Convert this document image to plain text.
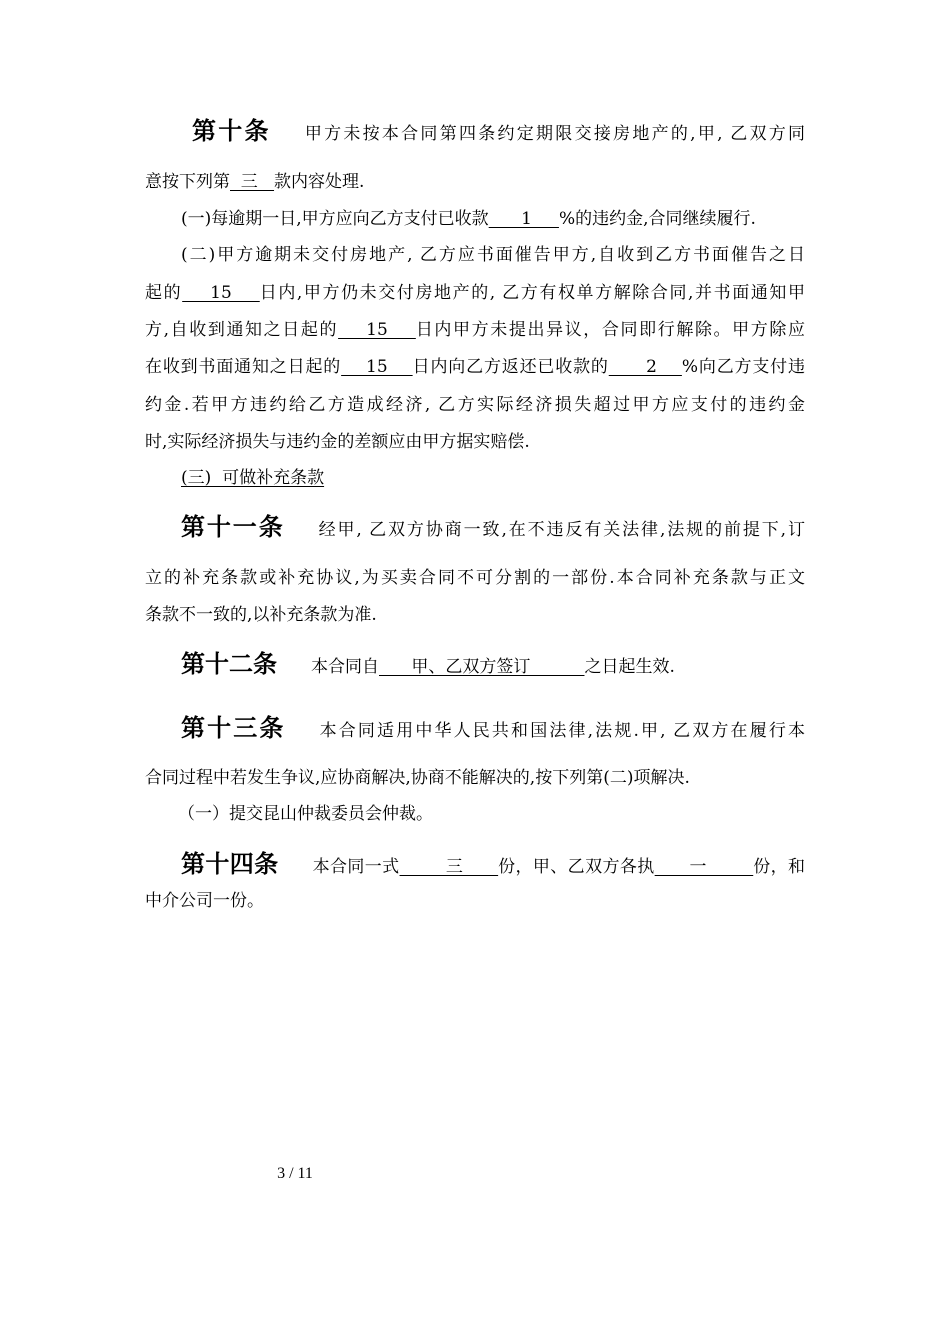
第十条 甲方未按本合同第四条约定期限交接房地产的,甲, 乙双方同
意按下列第  三   款内容处理.
(一)每逾期一日,甲方应向乙方支付已收款      1     %的违约金,合同继续履行.
(二)甲方逾期未交付房地产, 乙方应书面催告甲方,自收到乙方书面催告之日
起的    15    日内,甲方仍未交付房地产的, 乙方有权单方解除合同,并书面通知甲
方,自收到通知之日起的    15    日内甲方未提出异议，合同即行解除。甲方除应
在收到书面通知之日起的    15    日内向乙方返还已收款的      2    %向乙方支付违
约金.若甲方违约给乙方造成经济, 乙方实际经济损失超过甲方应支付的违约金
时,实际经济损失与违约金的差额应由甲方据实赔偿.
(三)  可做补充条款
第十一条 经甲, 乙双方协商一致,在不违反有关法律,法规的前提下,订
立的补充条款或补充协议,为买卖合同不可分割的一部份.本合同补充条款与正文
条款不一致的,以补充条款为准.
第十二条 本合同自      甲、乙双方签订          之日起生效.
第十三条 本合同适用中华人民共和国法律,法规.甲, 乙双方在履行本
合同过程中若发生争议,应协商解决,协商不能解决的,按下列第(二)项解决.
（一）提交昆山仲裁委员会仲裁。
第十四条 本合同一式        三      份，甲、乙双方各执      一        份，和
中介公司一份。
3 / 11
